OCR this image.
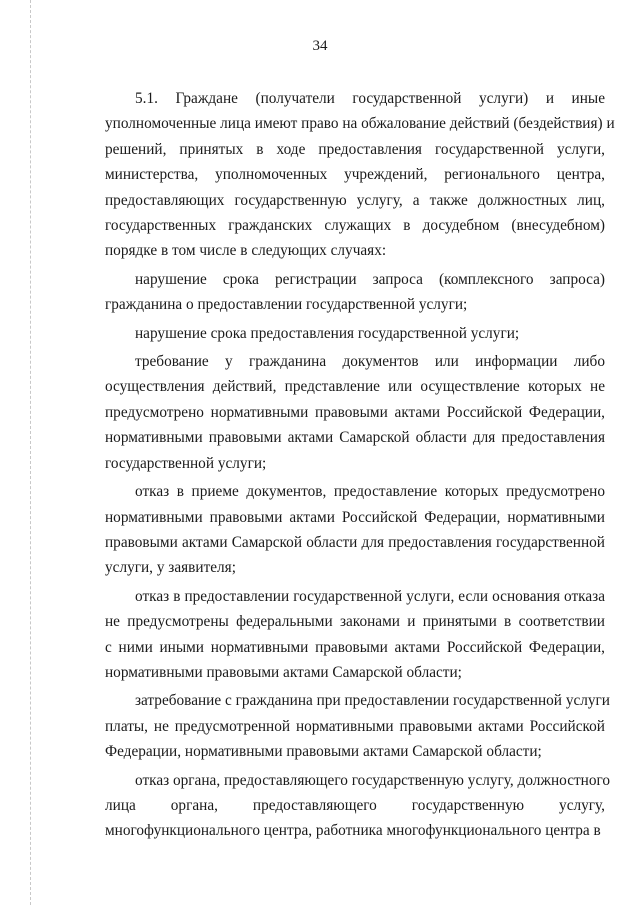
34

5.1. Граждане (получатели государственной услуги) и иные
уполномоченные лица имеют право на обжалование действий (бездействия) и
решений, принятых в ходе предоставления государственной услуги,
министерства, уполномоченных учреждений, регионального центра,
предоставляющих государственную услугу, а также должностных лиц,
государственных гражданских служащих в досудебном (внесудебном)
порядке в том числе в следующих случаях:

нарушение срока регистрации запроса (комплексного запроса)
гражданина о предоставлении государственной услуги;

нарушение срока предоставления государственной услуги;

требование у гражданина документов или информации либо
осуществления действий, представление или осуществление которых не
предусмотрено нормативными правовыми актами Российской Федерации,
нормативными правовыми актами Самарской области для предоставления
государственной услуги;

отказ в приеме документов, предоставление которых предусмотрено
нормативными правовыми актами Российской Федерации, нормативными
правовыми актами Самарской области для предоставления государственной
услуги, у заявителя;

отказ в предоставлении государственной услуги, если основания отказа
не предусмотрены федеральными законами и принятыми в соответствии
с ними иными нормативными правовыми актами Российской Федерации,
нормативными правовыми актами Самарской области;

затребование с гражданина при предоставлении государственной услуги
платы, не предусмотренной нормативными правовыми актами Российской
Федерации, нормативными правовыми актами Самарской области;

отказ органа, предоставляющего государственную услугу, должностного
лица органа, предоставляющего государственную услугу,
многофункционального центра, работника многофункционального центра в
